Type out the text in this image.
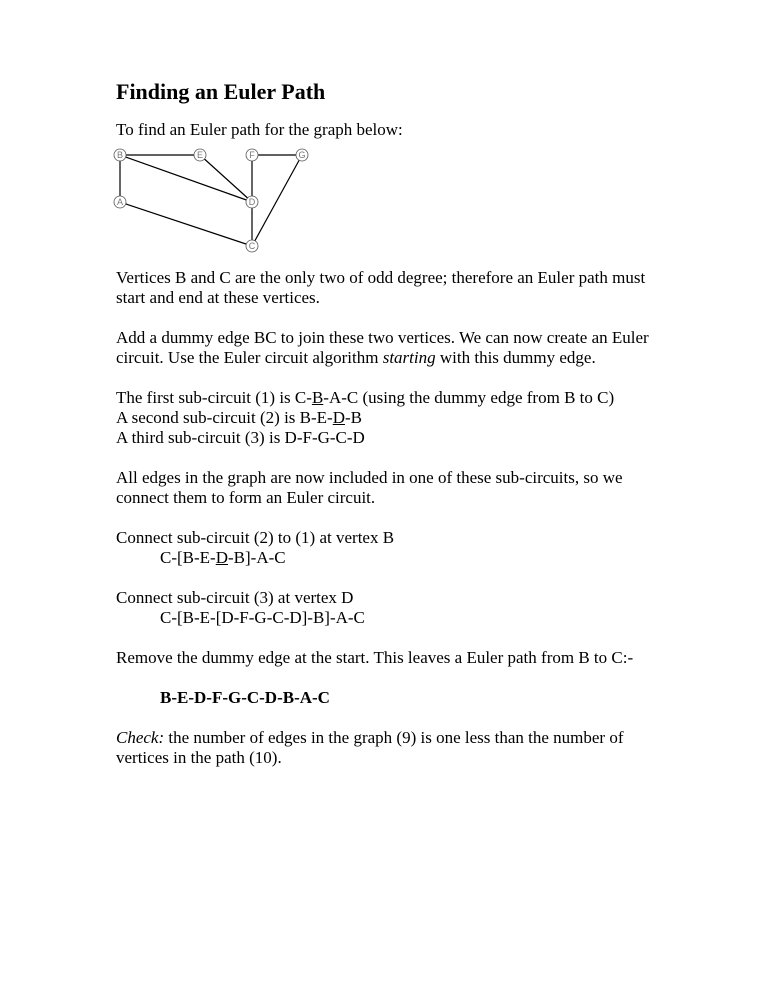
Finding an Euler Path

To find an Euler path for the graph below:

B	E	F	G
A	D
C

Vertices B and C are the only two of odd degree; therefore an Euler path must start and end at these vertices.

Add a dummy edge BC to join these two vertices. We can now create an Euler circuit. Use the Euler circuit algorithm starting with this dummy edge.

The first sub-circuit (1) is C-B-A-C (using the dummy edge from B to C)

A second sub-circuit (2) is B-E-D-B

A third sub-circuit (3) is D-F-G-C-D

All edges in the graph are now included in one of these sub-circuits, so we connect them to form an Euler circuit.

Connect sub-circuit (2) to (1) at vertex B

C-[B-E-D-B]-A-C

Connect sub-circuit (3) at vertex D

C-[B-E-[D-F-G-C-D]-B]-A-C

Remove the dummy edge at the start. This leaves a Euler path from B to C:-

B-E-D-F-G-C-D-B-A-C

Check: the number of edges in the graph (9) is one less than the number of vertices in the path (10).
